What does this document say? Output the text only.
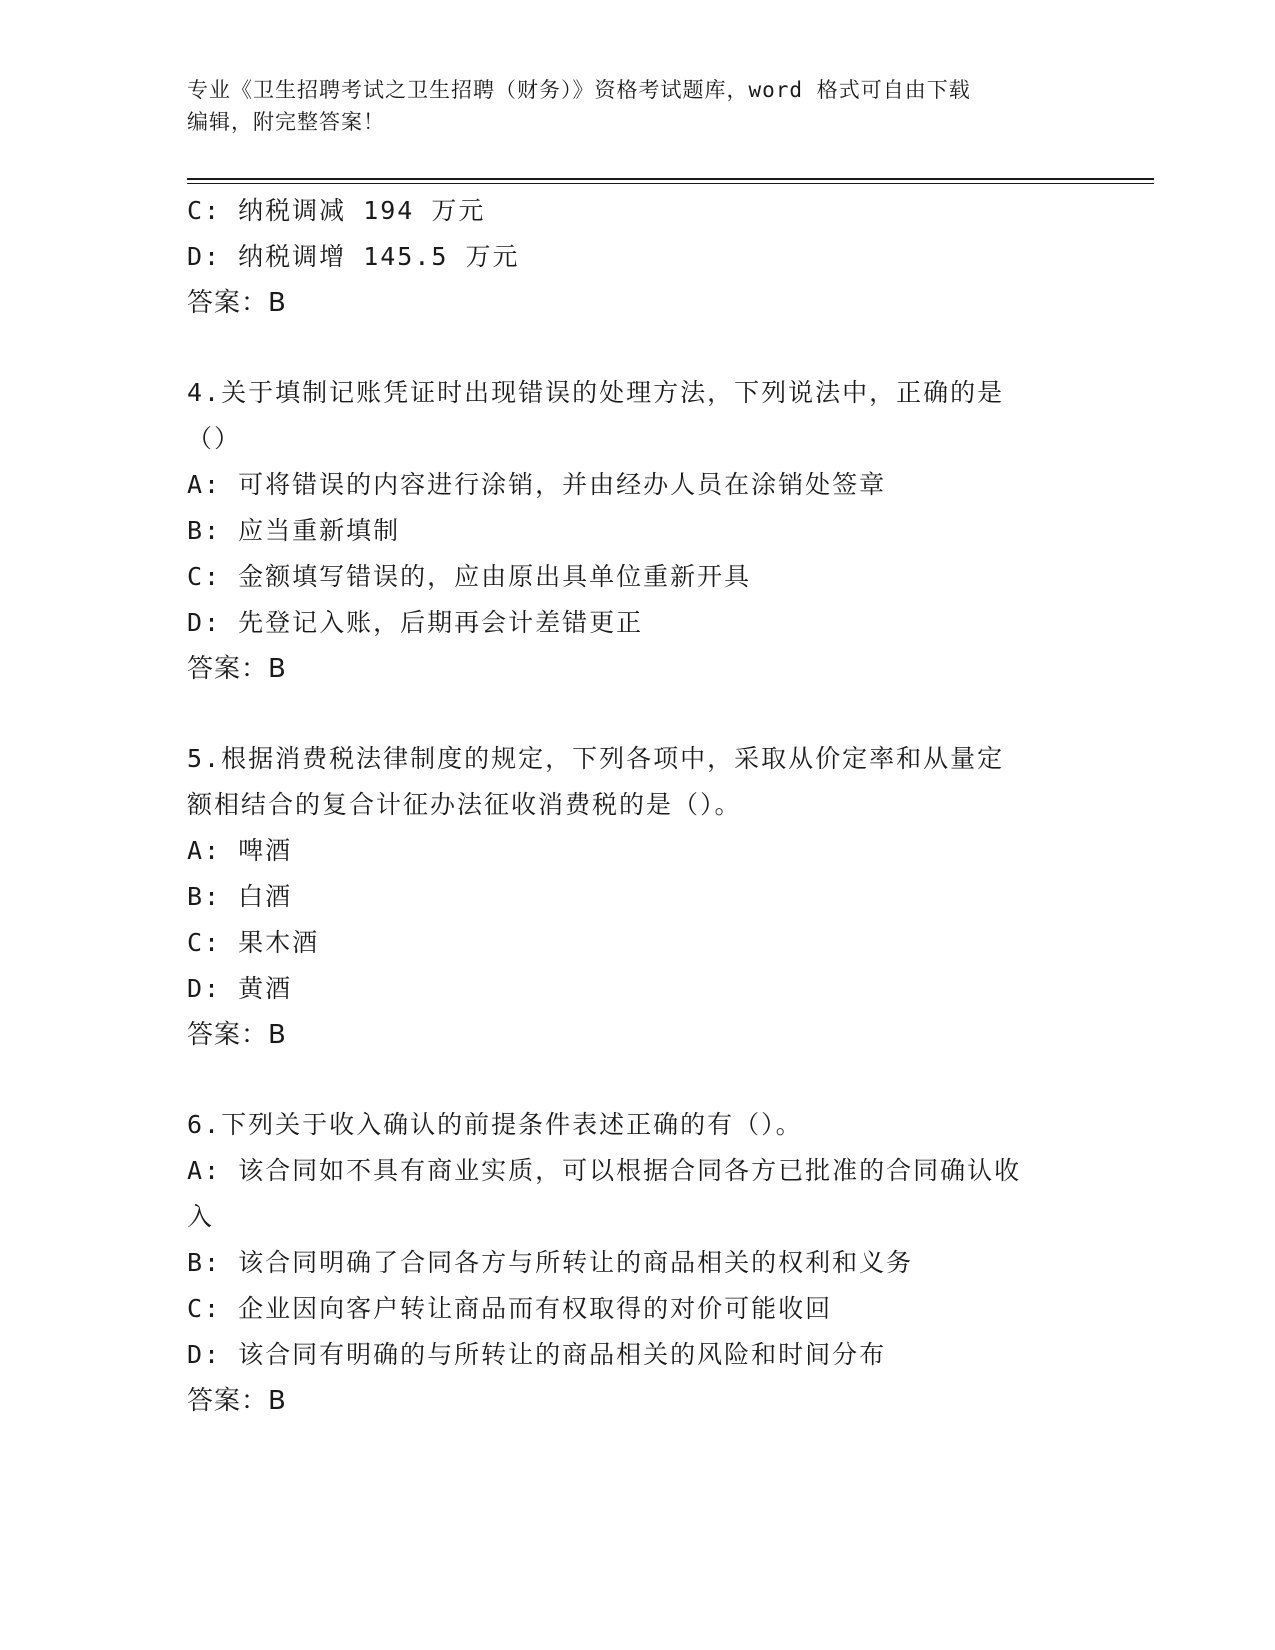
专业《卫生招聘考试之卫生招聘（财务）》资格考试题库，word 格式可自由下载
编辑，附完整答案！
C: 纳税调减 194 万元
D: 纳税调增 145.5 万元
答案：B
4.关于填制记账凭证时出现错误的处理方法，下列说法中，正确的是
（）
A: 可将错误的内容进行涂销，并由经办人员在涂销处签章
B: 应当重新填制
C: 金额填写错误的，应由原出具单位重新开具
D: 先登记入账，后期再会计差错更正
答案：B
5.根据消费税法律制度的规定，下列各项中，采取从价定率和从量定
额相结合的复合计征办法征收消费税的是（）。
A: 啤酒
B: 白酒
C: 果木酒
D: 黄酒
答案：B
6.下列关于收入确认的前提条件表述正确的有（）。
A: 该合同如不具有商业实质，可以根据合同各方已批准的合同确认收
入
B: 该合同明确了合同各方与所转让的商品相关的权利和义务
C: 企业因向客户转让商品而有权取得的对价可能收回
D: 该合同有明确的与所转让的商品相关的风险和时间分布
答案：B
